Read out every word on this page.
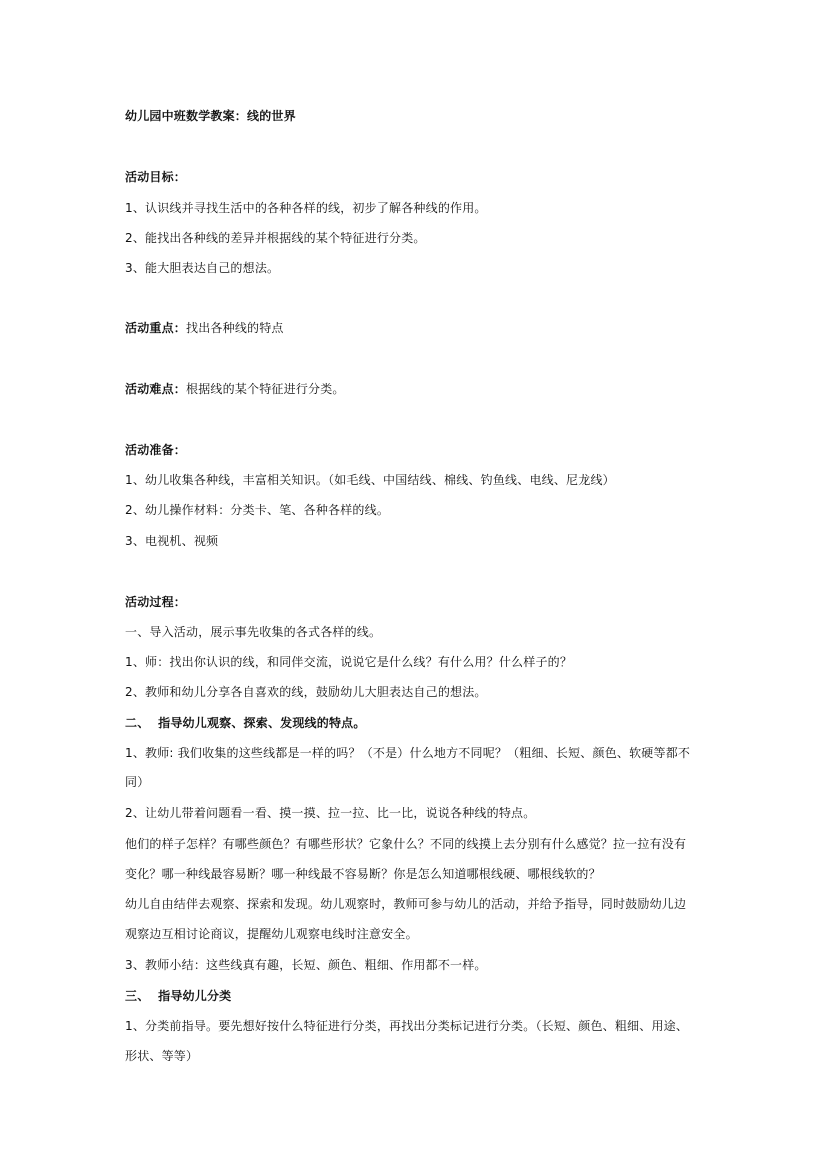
幼儿园中班数学教案：线的世界
活动目标：
1、认识线并寻找生活中的各种各样的线，初步了解各种线的作用。
2、能找出各种线的差异并根据线的某个特征进行分类。
3、能大胆表达自己的想法。
活动重点：找出各种线的特点
活动难点：根据线的某个特征进行分类。
活动准备：
1、幼儿收集各种线，丰富相关知识。（如毛线、中国结线、棉线、钓鱼线、电线、尼龙线）
2、幼儿操作材料：分类卡、笔、各种各样的线。
3、电视机、视频
活动过程：
一、导入活动，展示事先收集的各式各样的线。
1、师：找出你认识的线，和同伴交流，说说它是什么线？有什么用？什么样子的？
2、教师和幼儿分享各自喜欢的线，鼓励幼儿大胆表达自己的想法。
二、  指导幼儿观察、探索、发现线的特点。
1、教师: 我们收集的这些线都是一样的吗？（不是）什么地方不同呢？（粗细、长短、颜色、软硬等都不
同）
2、让幼儿带着问题看一看、摸一摸、拉一拉、比一比，说说各种线的特点。
他们的样子怎样？有哪些颜色？有哪些形状？它象什么？不同的线摸上去分别有什么感觉？拉一拉有没有
变化？哪一种线最容易断？哪一种线最不容易断？你是怎么知道哪根线硬、哪根线软的？
幼儿自由结伴去观察、探索和发现。幼儿观察时，教师可参与幼儿的活动，并给予指导，同时鼓励幼儿边
观察边互相讨论商议，提醒幼儿观察电线时注意安全。
3、教师小结：这些线真有趣，长短、颜色、粗细、作用都不一样。
三、  指导幼儿分类
1、分类前指导。要先想好按什么特征进行分类，再找出分类标记进行分类。（长短、颜色、粗细、用途、
形状、等等）
